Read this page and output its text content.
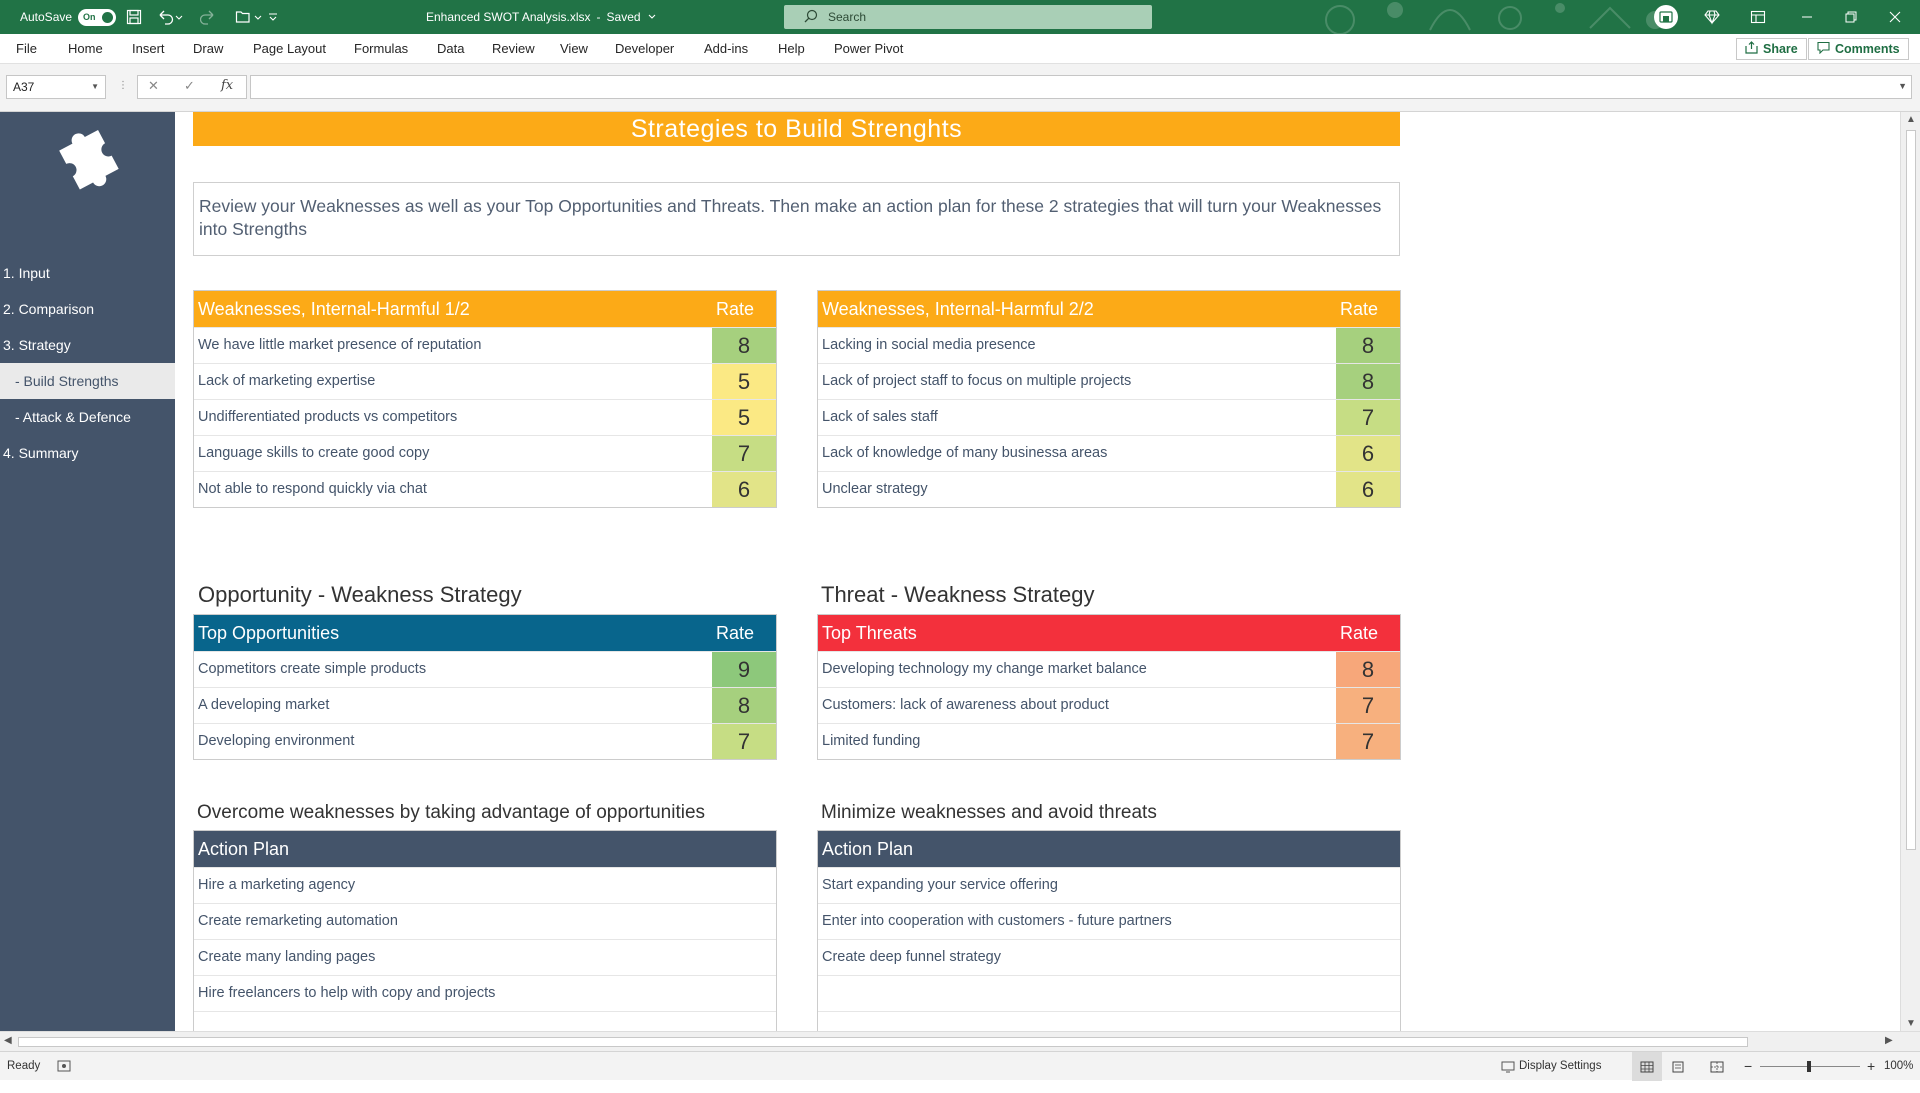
AutoSave On	Enhanced SWOT Analysis.xlsx - Saved	Search
File Home Insert Draw Page Layout Formulas Data Review View Developer Add-ins Help Power Pivot	Share	Comments
A37	▼ ⋮ ✕ ✓ fx	▼
1. Input
2. Comparison
3. Strategy
- Build Strengths
- Attack & Defence
4. Summary
Strategies to Build Strenghts
Review your Weaknesses as well as your Top Opportunities and Threats. Then make an action plan for these 2 strategies that will turn your Weaknesses into Strengths
Weaknesses, Internal-Harmful 1/2	Rate
We have little market presence of reputation	8
Lack of marketing expertise	5
Undifferentiated products vs competitors	5
Language skills to create good copy	7
Not able to respond quickly via chat	6
Weaknesses, Internal-Harmful 2/2	Rate
Lacking in social media presence	8
Lack of project staff to focus on multiple projects	8
Lack of sales staff	7
Lack of knowledge of many businessa areas	6
Unclear strategy	6
Opportunity - Weakness Strategy	Threat - Weakness Strategy
Top Opportunities	Rate
Copmetitors create simple products	9
A developing market	8
Developing environment	7
Top Threats	Rate
Developing technology my change market balance	8
Customers: lack of awareness about product	7
Limited funding	7
Overcome weaknesses by taking advantage of opportunities	Minimize weaknesses and avoid threats
Action Plan
Hire a marketing agency
Create remarketing automation
Create many landing pages
Hire freelancers to help with copy and projects
Action Plan
Start expanding your service offering
Enter into cooperation with customers - future partners
Create deep funnel strategy
▲
▼
◀	▶
Ready	Display Settings	−	+ 100%
